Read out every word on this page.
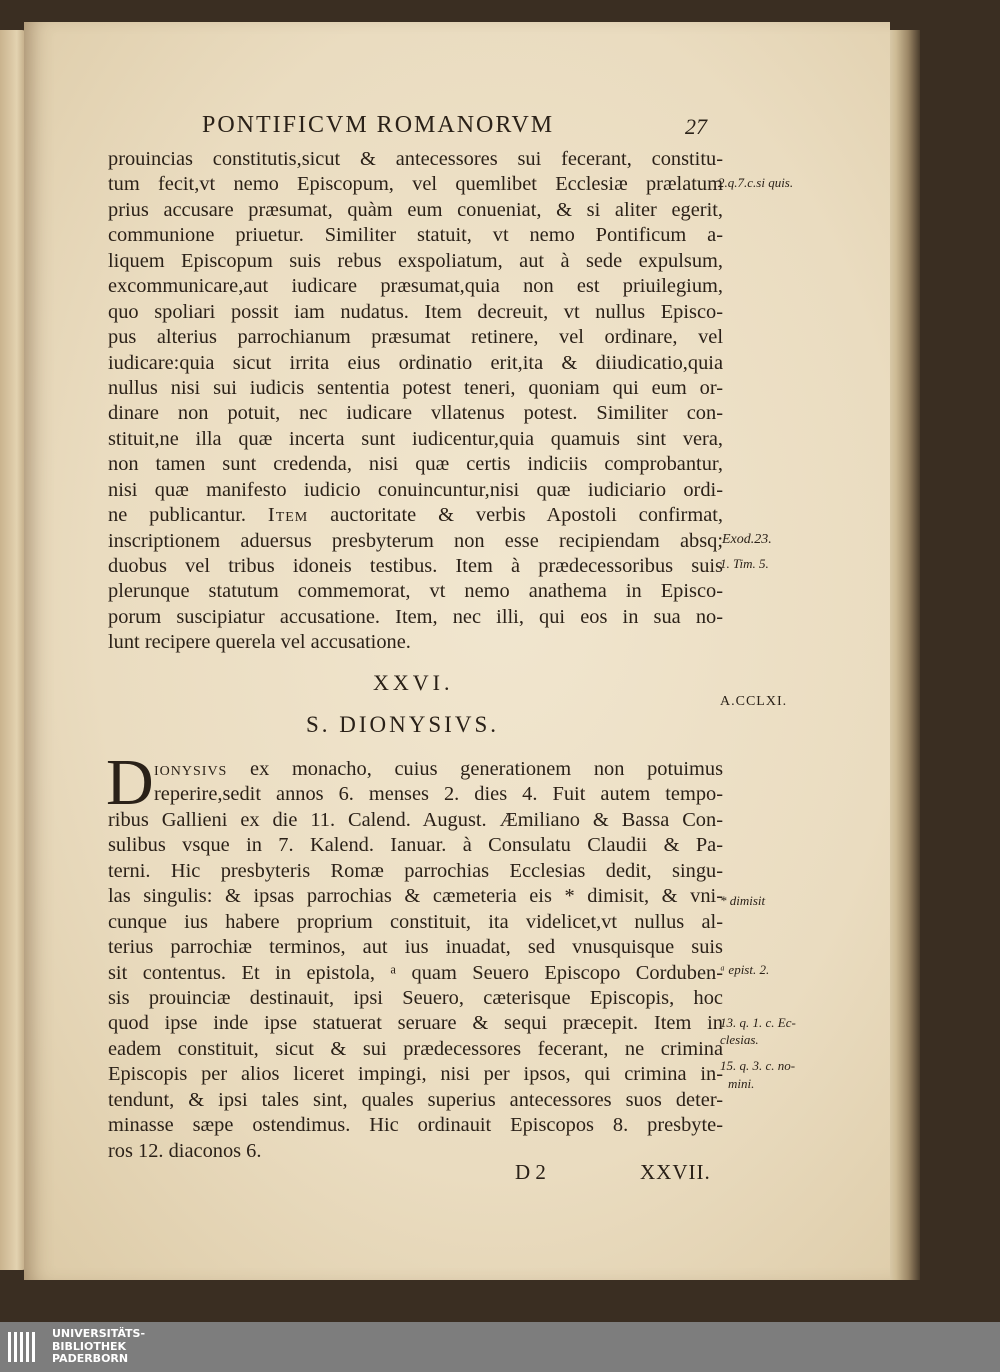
PONTIFICVM ROMANORVM	27
prouincias constitutis,sicut & antecessores sui fecerant, constitu-
tum fecit,vt nemo Episcopum, vel quemlibet Ecclesiæ prælatum
prius accusare præsumat, quàm eum conueniat, & si aliter egerit,
communione priuetur. Similiter statuit, vt nemo Pontificum a-
liquem Episcopum suis rebus exspoliatum, aut à sede expulsum,
excommunicare,aut iudicare præsumat,quia non est priuilegium,
quo spoliari possit iam nudatus. Item decreuit, vt nullus Episco-
pus alterius parrochianum præsumat retinere, vel ordinare, vel
iudicare:quia sicut irrita eius ordinatio erit,ita & diiudicatio,quia
nullus nisi sui iudicis sententia potest teneri, quoniam qui eum or-
dinare non potuit, nec iudicare vllatenus potest. Similiter con-
stituit,ne illa quæ incerta sunt iudicentur,quia quamuis sint vera,
non tamen sunt credenda, nisi quæ certis indiciis comprobantur,
nisi quæ manifesto iudicio conuincuntur,nisi quæ iudiciario ordi-
ne publicantur. Item auctoritate & verbis Apostoli confirmat,
inscriptionem aduersus presbyterum non esse recipiendam absq;
duobus vel tribus idoneis testibus. Item à prædecessoribus suis
plerunque statutum commemorat, vt nemo anathema in Episco-
porum suscipiatur accusatione. Item, nec illi, qui eos in sua no-
lunt recipere querela vel accusatione.
XXVI.
S. DIONYSIVS.
D ionysivs ex monacho, cuius generationem non potuimus
reperire,sedit annos 6. menses 2. dies 4. Fuit autem tempo-
ribus Gallieni ex die 11. Calend. August. Æmiliano & Bassa Con-
sulibus vsque in 7. Kalend. Ianuar. à Consulatu Claudii & Pa-
terni. Hic presbyteris Romæ parrochias Ecclesias dedit, singu-
las singulis: & ipsas parrochias & cæmeteria eis * dimisit, & vni-
cunque ius habere proprium constituit, ita videlicet,vt nullus al-
terius parrochiæ terminos, aut ius inuadat, sed vnusquisque suis
sit contentus. Et in epistola, ᵃ quam Seuero Episcopo Corduben-
sis prouinciæ destinauit, ipsi Seuero, cæterisque Episcopis, hoc
quod ipse inde ipse statuerat seruare & sequi præcepit. Item in
eadem constituit, sicut & sui prædecessores fecerant, ne crimina
Episcopis per alios liceret impingi, nisi per ipsos, qui crimina in-
tendunt, & ipsi tales sint, quales superius antecessores suos deter-
minasse sæpe ostendimus. Hic ordinauit Episcopos 8. presbyte-
ros 12. diaconos 6.
2.q.7.c.si quis.
Exod.23.
1. Tim. 5.
A.CCLXI.
* dimisit
ᵃ epist. 2.
13. q. 1. c. Ec-
clesias.
15. q. 3. c. no-
mini.
D 2	XXVII.
UNIVERSITÄTS-
BIBLIOTHEK
PADERBORN
